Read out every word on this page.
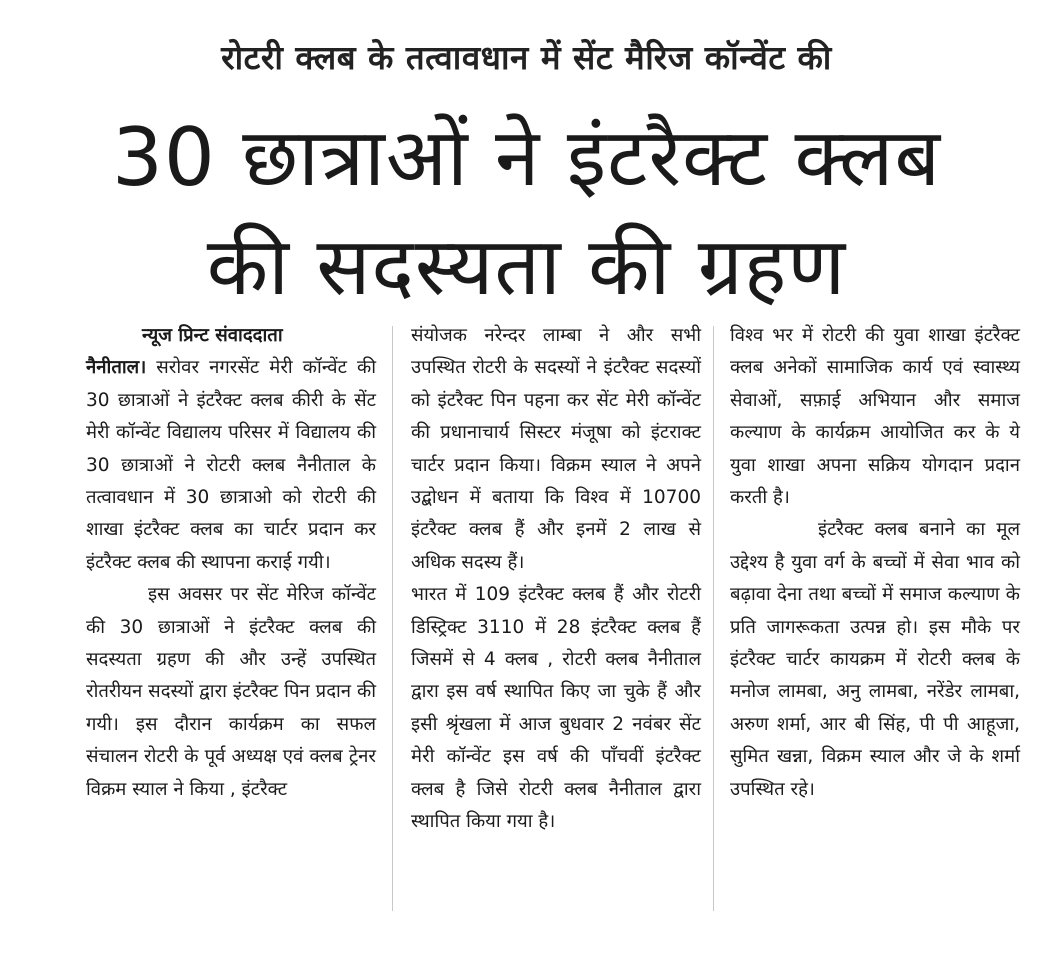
रोटरी क्लब के तत्वावधान में सेंट मैरिज कॉन्वेंट की
30 छात्राओं ने इंटरैक्ट क्लब
की सदस्यता की ग्रहण

न्यूज प्रिन्ट संवाददाता

नैनीताल। सरोवर नगरसेंट मेरी कॉन्वेंट की 30 छात्राओं ने इंटरैक्ट क्लब कीरी के सेंट मेरी कॉन्वेंट विद्यालय परिसर में विद्यालय की 30 छात्राओं ने रोटरी क्लब नैनीताल के तत्वावधान में 30 छात्राओ को रोटरी की शाखा इंटरैक्ट क्लब का चार्टर प्रदान कर इंटरैक्ट क्लब की स्थापना कराई गयी।

इस अवसर पर सेंट मेरिज कॉन्वेंट की 30 छात्राओं ने इंटरैक्ट क्लब की सदस्यता ग्रहण की और उन्हें उपस्थित रोतरीयन सदस्यों द्वारा इंटरैक्ट पिन प्रदान की गयी। इस दौरान कार्यक्रम का सफल संचालन रोटरी के पूर्व अध्यक्ष एवं क्लब ट्रेनर विक्रम स्याल ने किया , इंटरैक्ट

संयोजक नरेन्दर लाम्बा ने और सभी उपस्थित रोटरी के सदस्यों ने इंटरैक्ट सदस्यों को इंटरैक्ट पिन पहना कर सेंट मेरी कॉन्वेंट की प्रधानाचार्य सिस्टर मंजूषा को इंटराक्ट चार्टर प्रदान किया। विक्रम स्याल ने अपने उद्बोधन में बताया कि विश्व में 10700 इंटरैक्ट क्लब हैं और इनमें 2 लाख से अधिक सदस्य हैं।

भारत में 109 इंटरैक्ट क्लब हैं और रोटरी डिस्ट्रिक्ट 3110 में 28 इंटरैक्ट क्लब हैं जिसमें से 4 क्लब , रोटरी क्लब नैनीताल द्वारा इस वर्ष स्थापित किए जा चुके हैं और इसी श्रृंखला में आज बुधवार 2 नवंबर सेंट मेरी कॉन्वेंट इस वर्ष की पाँचवीं इंटरैक्ट क्लब है जिसे रोटरी क्लब नैनीताल द्वारा स्थापित किया गया है।

विश्व भर में रोटरी की युवा शाखा इंटरैक्ट क्लब अनेकों सामाजिक कार्य एवं स्वास्थ्य सेवाओं, सफ़ाई अभियान और समाज कल्याण के कार्यक्रम आयोजित कर के ये युवा शाखा अपना सक्रिय योगदान प्रदान करती है।

इंटरैक्ट क्लब बनाने का मूल उद्देश्य है युवा वर्ग के बच्चों में सेवा भाव को बढ़ावा देना तथा बच्चों में समाज कल्याण के प्रति जागरूकता उत्पन्न हो। इस मौके पर इंटरैक्ट चार्टर कायक्रम में रोटरी क्लब के मनोज लामबा, अनु लामबा, नरेंडेर लामबा, अरुण शर्मा, आर बी सिंह, पी पी आहूजा, सुमित खन्ना, विक्रम स्याल और जे के शर्मा उपस्थित रहे।
